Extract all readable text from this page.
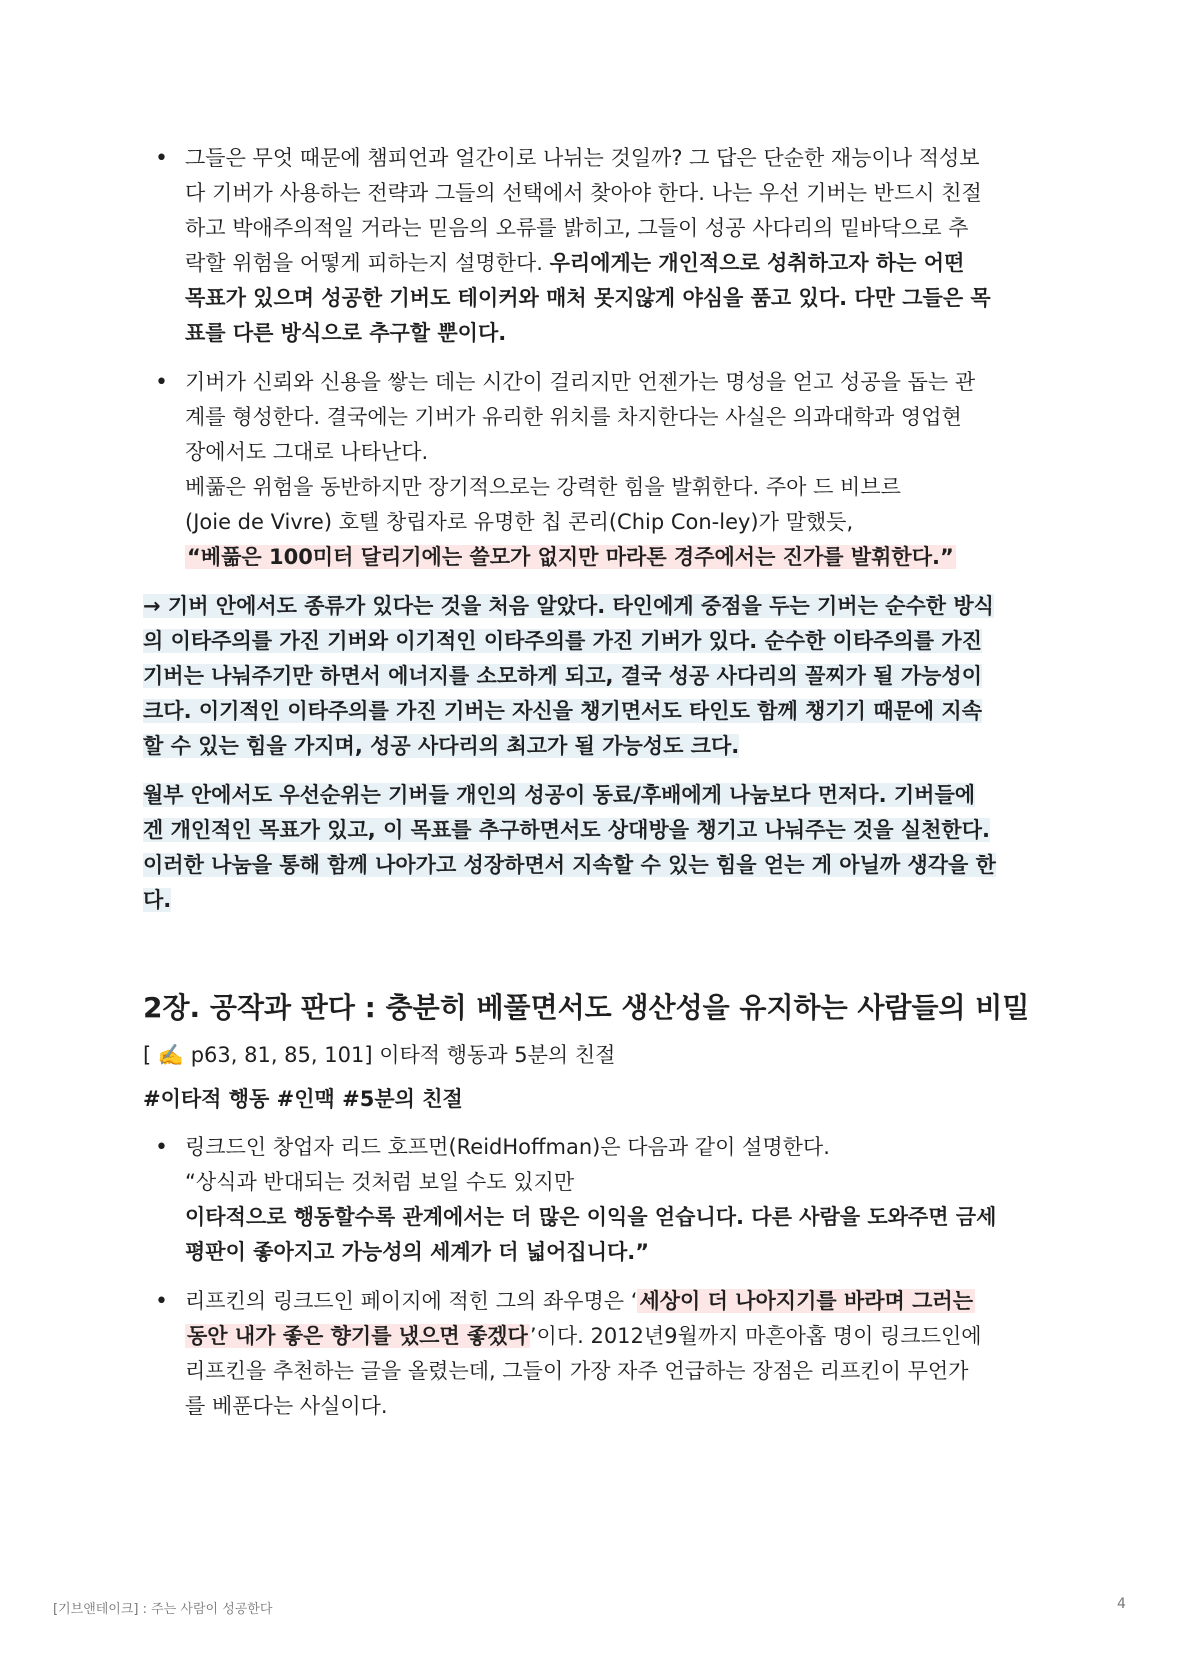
• 그들은 무엇 때문에 챔피언과 얼간이로 나뉘는 것일까? 그 답은 단순한 재능이나 적성보
다 기버가 사용하는 전략과 그들의 선택에서 찾아야 한다. 나는 우선 기버는 반드시 친절
하고 박애주의적일 거라는 믿음의 오류를 밝히고, 그들이 성공 사다리의 밑바닥으로 추
락할 위험을 어떻게 피하는지 설명한다. 우리에게는 개인적으로 성취하고자 하는 어떤
목표가 있으며 성공한 기버도 테이커와 매처 못지않게 야심을 품고 있다. 다만 그들은 목
표를 다른 방식으로 추구할 뿐이다.
• 기버가 신뢰와 신용을 쌓는 데는 시간이 걸리지만 언젠가는 명성을 얻고 성공을 돕는 관
계를 형성한다. 결국에는 기버가 유리한 위치를 차지한다는 사실은 의과대학과 영업현
장에서도 그대로 나타난다.
베풂은 위험을 동반하지만 장기적으로는 강력한 힘을 발휘한다. 주아 드 비브르
(Joie de Vivre) 호텔 창립자로 유명한 칩 콘리(Chip Con-ley)가 말했듯,
“베풂은 100미터 달리기에는 쓸모가 없지만 마라톤 경주에서는 진가를 발휘한다.”
→ 기버 안에서도 종류가 있다는 것을 처음 알았다. 타인에게 중점을 두는 기버는 순수한 방식
의 이타주의를 가진 기버와 이기적인 이타주의를 가진 기버가 있다. 순수한 이타주의를 가진
기버는 나눠주기만 하면서 에너지를 소모하게 되고, 결국 성공 사다리의 꼴찌가 될 가능성이
크다. 이기적인 이타주의를 가진 기버는 자신을 챙기면서도 타인도 함께 챙기기 때문에 지속
할 수 있는 힘을 가지며, 성공 사다리의 최고가 될 가능성도 크다.
월부 안에서도 우선순위는 기버들 개인의 성공이 동료/후배에게 나눔보다 먼저다. 기버들에
겐 개인적인 목표가 있고, 이 목표를 추구하면서도 상대방을 챙기고 나눠주는 것을 실천한다.
이러한 나눔을 통해 함께 나아가고 성장하면서 지속할 수 있는 힘을 얻는 게 아닐까 생각을 한
다.
2장. 공작과 판다 : 충분히 베풀면서도 생산성을 유지하는 사람들의 비밀
[ ✍️ p63, 81, 85, 101] 이타적 행동과 5분의 친절
#이타적 행동 #인맥 #5분의 친절
• 링크드인 창업자 리드 호프먼(ReidHoffman)은 다음과 같이 설명한다.
“상식과 반대되는 것처럼 보일 수도 있지만
이타적으로 행동할수록 관계에서는 더 많은 이익을 얻습니다. 다른 사람을 도와주면 금세
평판이 좋아지고 가능성의 세계가 더 넓어집니다.”
• 리프킨의 링크드인 페이지에 적힌 그의 좌우명은 ‘세상이 더 나아지기를 바라며 그러는
동안 내가 좋은 향기를 냈으면 좋겠다’이다. 2012년9월까지 마흔아홉 명이 링크드인에
리프킨을 추천하는 글을 올렸는데, 그들이 가장 자주 언급하는 장점은 리프킨이 무언가
를 베푼다는 사실이다.
[기브앤테이크] : 주는 사람이 성공한다	4
